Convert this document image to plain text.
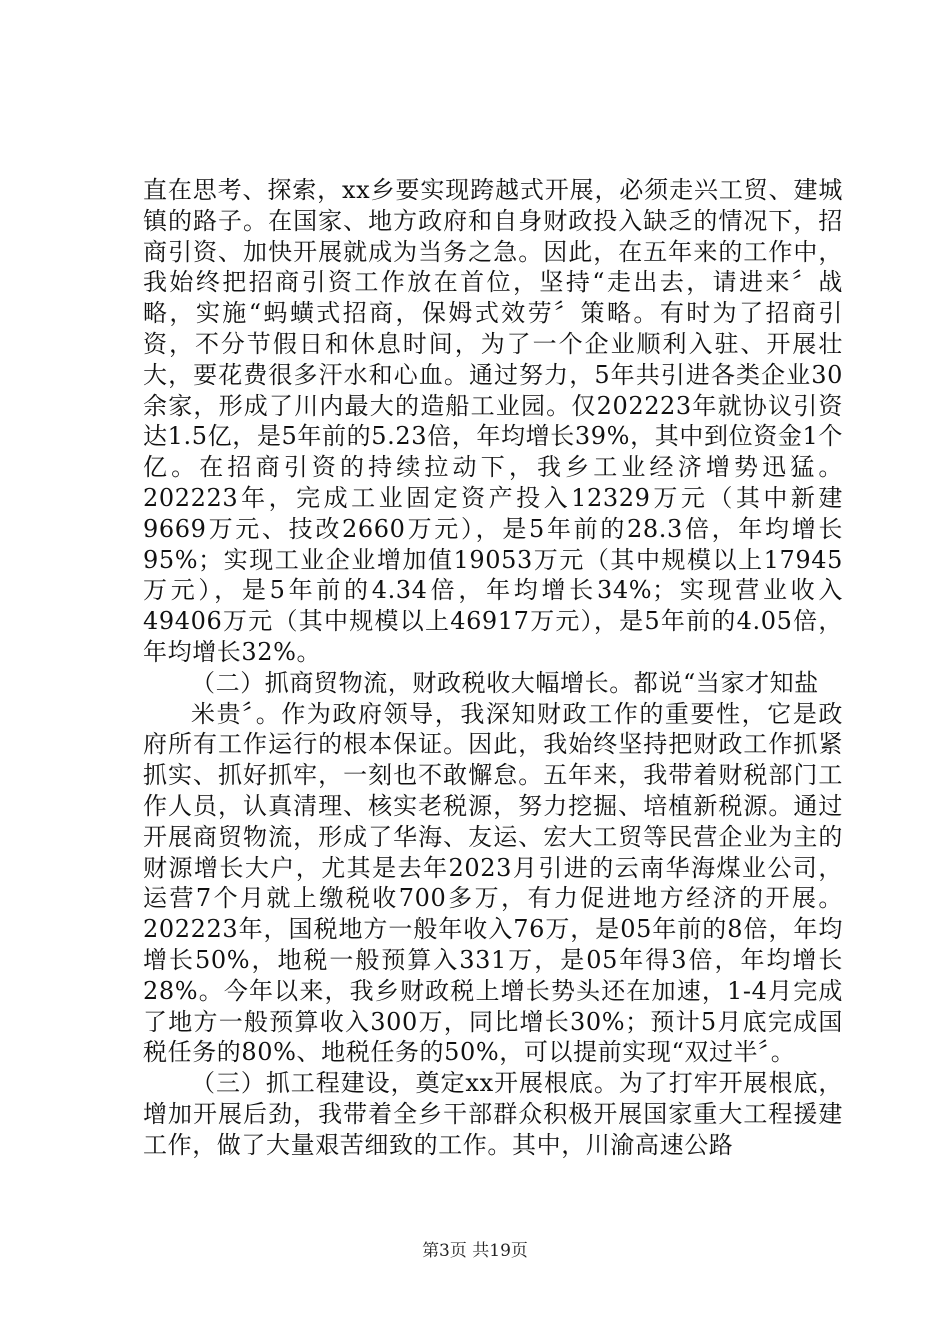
直在思考、探索，xx乡要实现跨越式开展，必须走兴工贸、建城镇的路子。在国家、地方政府和自身财政投入缺乏的情况下，招商引资、加快开展就成为当务之急。因此，在五年来的工作中，我始终把招商引资工作放在首位，坚持“走出去，请进来〞战略，实施“蚂蟥式招商，保姆式效劳〞策略。有时为了招商引资，不分节假日和休息时间，为了一个企业顺利入驻、开展壮大，要花费很多汗水和心血。通过努力，5年共引进各类企业30余家，形成了川内最大的造船工业园。仅202223年就协议引资达1.5亿，是5年前的5.23倍，年均增长39%，其中到位资金1个亿。在招商引资的持续拉动下，我乡工业经济增势迅猛。202223年，完成工业固定资产投入12329万元（其中新建9669万元、技改2660万元），是5年前的28.3倍，年均增长95%；实现工业企业增加值19053万元（其中规模以上17945万元），是5年前的4.34倍，年均增长34%；实现营业收入49406万元（其中规模以上46917万元），是5年前的4.05倍，年均增长32%。

（二）抓商贸物流，财政税收大幅增长。都说“当家才知盐

米贵〞。作为政府领导，我深知财政工作的重要性，它是政府所有工作运行的根本保证。因此，我始终坚持把财政工作抓紧抓实、抓好抓牢，一刻也不敢懈怠。五年来，我带着财税部门工作人员，认真清理、核实老税源，努力挖掘、培植新税源。通过开展商贸物流，形成了华海、友运、宏大工贸等民营企业为主的财源增长大户，尤其是去年2023月引进的云南华海煤业公司，运营7个月就上缴税收700多万，有力促进地方经济的开展。202223年，国税地方一般年收入76万，是05年前的8倍，年均增长50%，地税一般预算入331万，是05年得3倍，年均增长28%。今年以来，我乡财政税上增长势头还在加速，1-4月完成了地方一般预算收入300万，同比增长30%；预计5月底完成国税任务的80%、地税任务的50%，可以提前实现“双过半〞。

（三）抓工程建设，奠定xx开展根底。为了打牢开展根底，增加开展后劲，我带着全乡干部群众积极开展国家重大工程援建工作，做了大量艰苦细致的工作。其中，川渝高速公路

第3页 共19页
